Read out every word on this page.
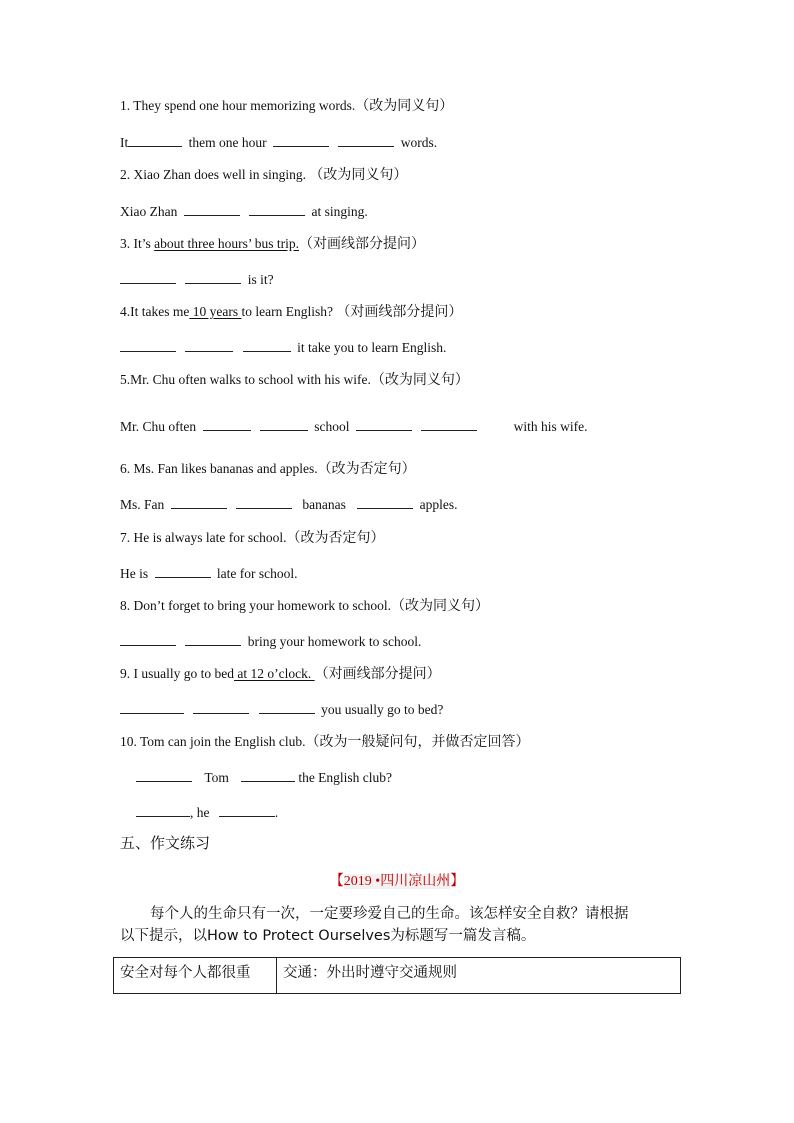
1. They spend one hour memorizing words.（改为同义句）
It	them one hour	words.
2. Xiao Zhan does well in singing. （改为同义句）
Xiao Zhan	at singing.
3. It’s about three hours’ bus trip.（对画线部分提问）
is it?
4.It takes me 10 years to learn English? （对画线部分提问）
it take you to learn English.
5.Mr. Chu often walks to school with his wife.（改为同义句）
Mr. Chu often	school	with his wife.
6. Ms. Fan likes bananas and apples.（改为否定句）
Ms. Fan	bananas	apples.
7. He is always late for school.（改为否定句）
He is	late for school.
8. Don’t forget to bring your homework to school.（改为同义句）
bring your homework to school.
9. I usually go to bed at 12 o’clock. （对画线部分提问）
you usually go to bed?
10. Tom can join the English club.（改为一般疑问句，并做否定回答）
Tom	the English club?
, he	.
五、作文练习
【2019 •四川凉山州】
每个人的生命只有一次，一定要珍爱自己的生命。该怎样安全自救？请根据
以下提示，以How to Protect Ourselves为标题写一篇发言稿。
安全对每个人都很重	交通：外出时遵守交通规则
